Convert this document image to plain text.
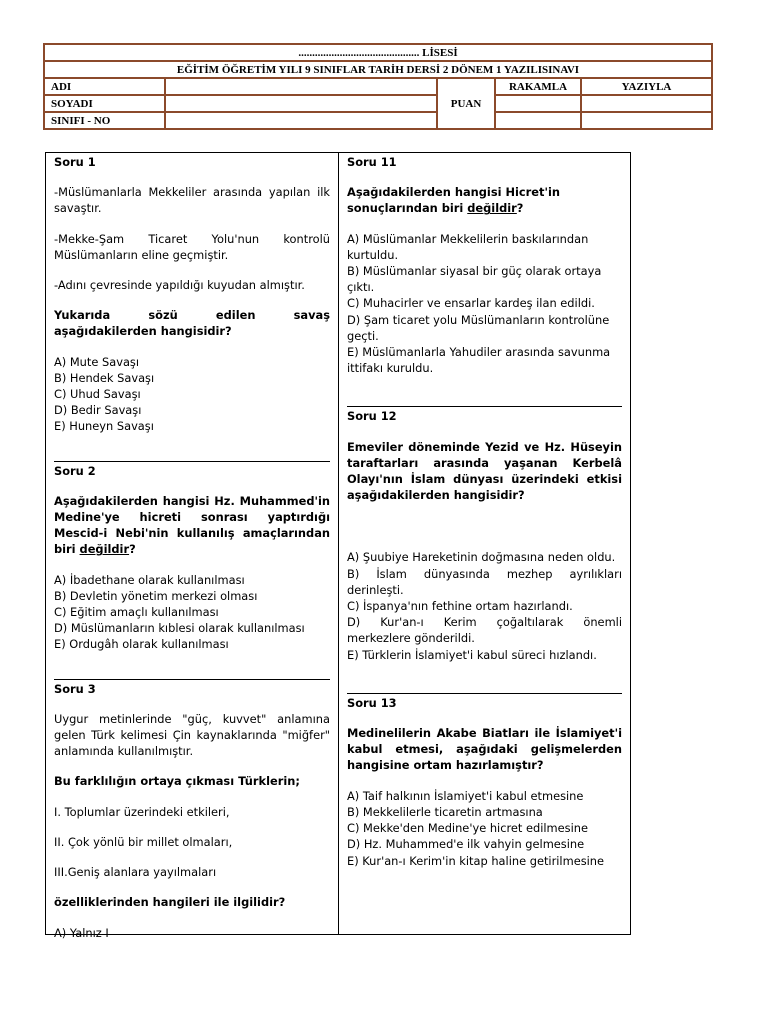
............................................ LİSESİ				
EĞİTİM ÖĞRETİM YILI 9 SINIFLAR TARİH DERSİ 2 DÖNEM 1 YAZILISINAVI				
ADI		PUAN	RAKAMLA	YAZIYLA
SOYADI				
SINIFI - NO				

Soru 1

-Müslümanlarla Mekkeliler arasında yapılan ilk savaştır.

-Mekke-Şam Ticaret Yolu'nun kontrolü Müslümanların eline geçmiştir.

-Adını çevresinde yapıldığı kuyudan almıştır.

Yukarıda sözü edilen savaş aşağıdakilerden hangisidir?

A) Mute Savaşı

B) Hendek Savaşı

C) Uhud Savaşı

D) Bedir Savaşı

E) Huneyn Savaşı

Soru 2

Aşağıdakilerden hangisi Hz. Muhammed'in Medine'ye hicreti sonrası yaptırdığı Mescid-i Nebi'nin kullanılış amaçlarından biri değildir?

A) İbadethane olarak kullanılması

B) Devletin yönetim merkezi olması

C) Eğitim amaçlı kullanılması

D) Müslümanların kıblesi olarak kullanılması

E) Ordugâh olarak kullanılması

Soru 3

Uygur metinlerinde "güç, kuvvet" anlamına gelen Türk kelimesi Çin kaynaklarında "miğfer" anlamında kullanılmıştır.

Bu farklılığın ortaya çıkması Türklerin;

I. Toplumlar üzerindeki etkileri,

II. Çok yönlü bir millet olmaları,

III.Geniş alanlara yayılmaları

özelliklerinden hangileri ile ilgilidir?

A) Yalnız I

Soru 11

Aşağıdakilerden hangisi Hicret'in sonuçlarından biri değildir?

A) Müslümanlar Mekkelilerin baskılarından kurtuldu.

B) Müslümanlar siyasal bir güç olarak ortaya çıktı.

C) Muhacirler ve ensarlar kardeş ilan edildi.

D) Şam ticaret yolu Müslümanların kontrolüne geçti.

E) Müslümanlarla Yahudiler arasında savunma ittifakı kuruldu.

Soru 12

Emeviler döneminde Yezid ve Hz. Hüseyin taraftarları arasında yaşanan Kerbelâ Olayı'nın İslam dünyası üzerindeki etkisi aşağıdakilerden hangisidir?

A) Şuubiye Hareketinin doğmasına neden oldu.

B) İslam dünyasında mezhep ayrılıkları derinleşti.

C) İspanya'nın fethine ortam hazırlandı.

D) Kur'an-ı Kerim çoğaltılarak önemli merkezlere gönderildi.

E) Türklerin İslamiyet'i kabul süreci hızlandı.

Soru 13

Medinelilerin Akabe Biatları ile İslamiyet'i kabul etmesi, aşağıdaki gelişmelerden hangisine ortam hazırlamıştır?

A) Taif halkının İslamiyet'i kabul etmesine

B) Mekkelilerle ticaretin artmasına

C) Mekke'den Medine'ye hicret edilmesine

D) Hz. Muhammed'e ilk vahyin gelmesine

E) Kur'an-ı Kerim'in kitap haline getirilmesine
